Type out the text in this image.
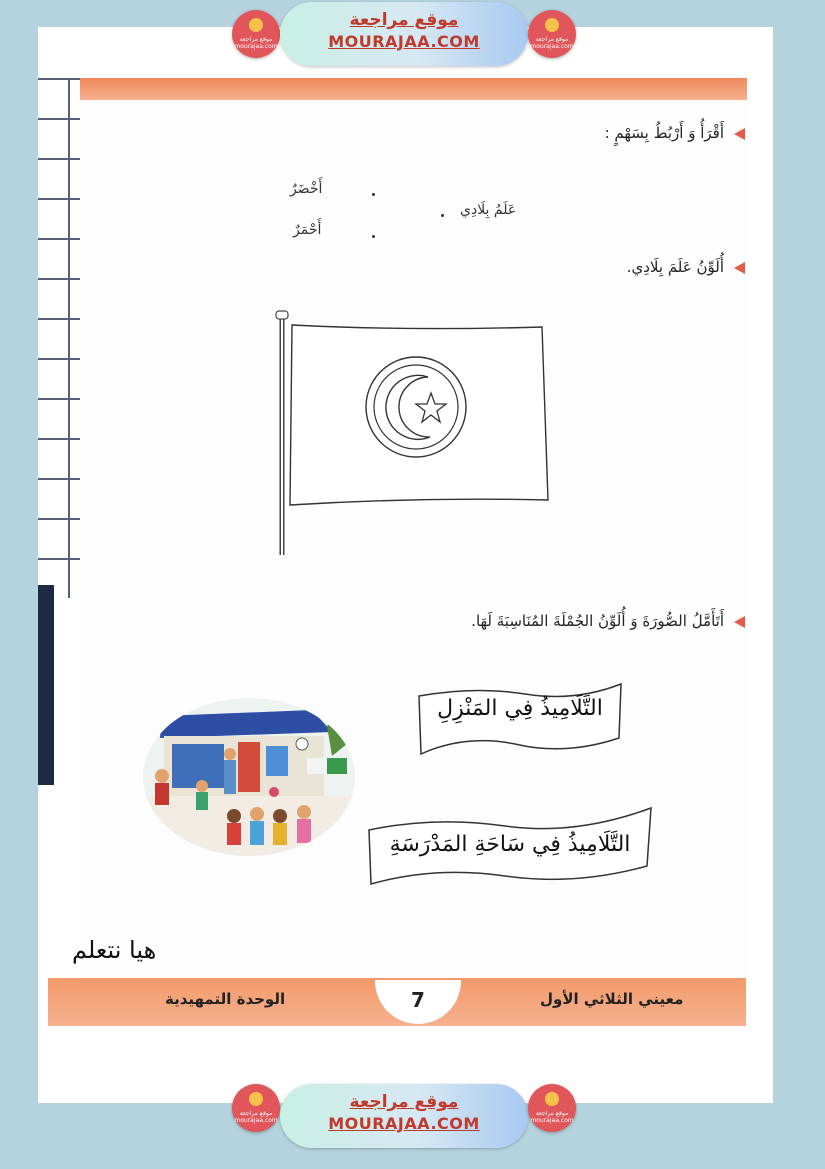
موقع مراجعة mourajaa.com
موقع مراجعة
MOURAJAA.COM	موقع مراجعة mourajaa.com
أَقْرَأُ وَ أَرْبُطُ بِسَهْمٍ :
أَخْضَرٌ
عَلَمُ بِلَادِي
أَحْمَرٌ
أُلَوِّنُ عَلَمَ بِلَادِي.
أَتَأَمَّلُ الصُّورَةَ وَ أُلَوِّنُ الجُمْلَةَ المُنَاسِبَةَ لَهَا.
التَّلَامِيذُ فِي المَنْزِلِ
التَّلَامِيذُ فِي سَاحَةِ المَدْرَسَةِ
هيا نتعلم
7	معيني الثلاثي الأول
الوحدة التمهيدية
موقع مراجعة mourajaa.com
موقع مراجعة
MOURAJAA.COM
موقع مراجعة mourajaa.com
